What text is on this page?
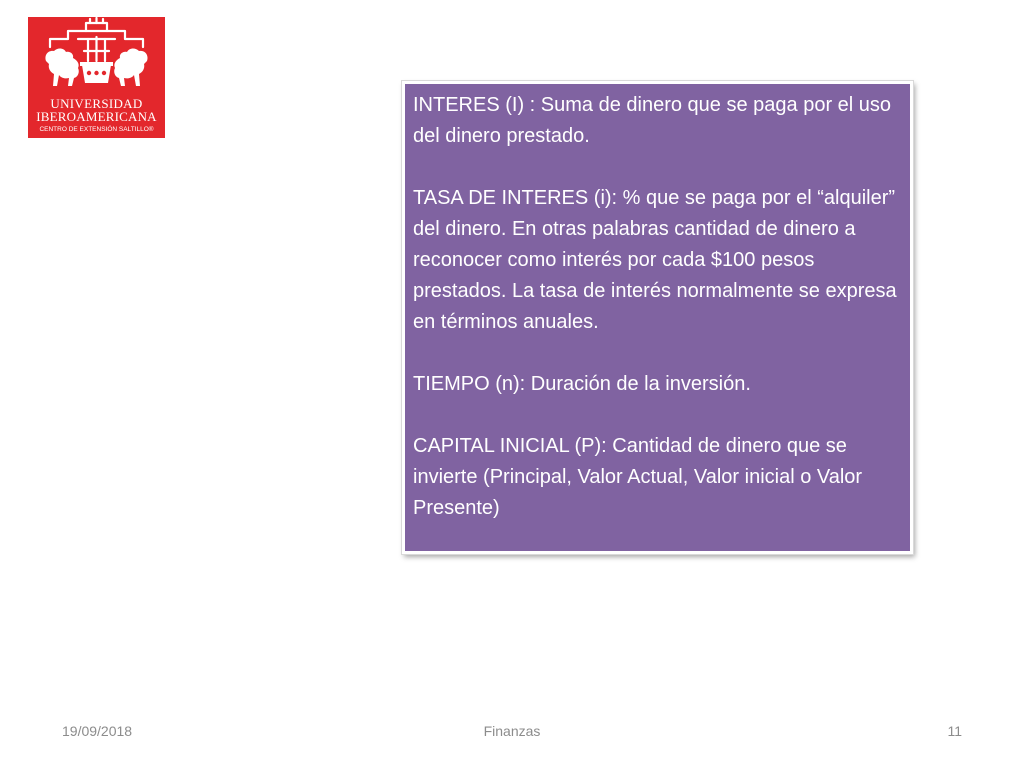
UNIVERSIDAD
IBEROAMERICANA
CENTRO DE EXTENSIÓN SALTILLO®

INTERES (I) : Suma de dinero que se paga por el uso del dinero prestado.

TASA DE INTERES (i): % que se paga por el “alquiler” del dinero. En otras palabras cantidad de dinero a reconocer como interés por cada $100 pesos prestados. La tasa de interés normalmente se expresa en términos anuales.

TIEMPO (n): Duración de la inversión.

CAPITAL INICIAL (P): Cantidad de dinero que se invierte (Principal, Valor Actual, Valor inicial o Valor Presente)

19/09/2018	Finanzas	11
